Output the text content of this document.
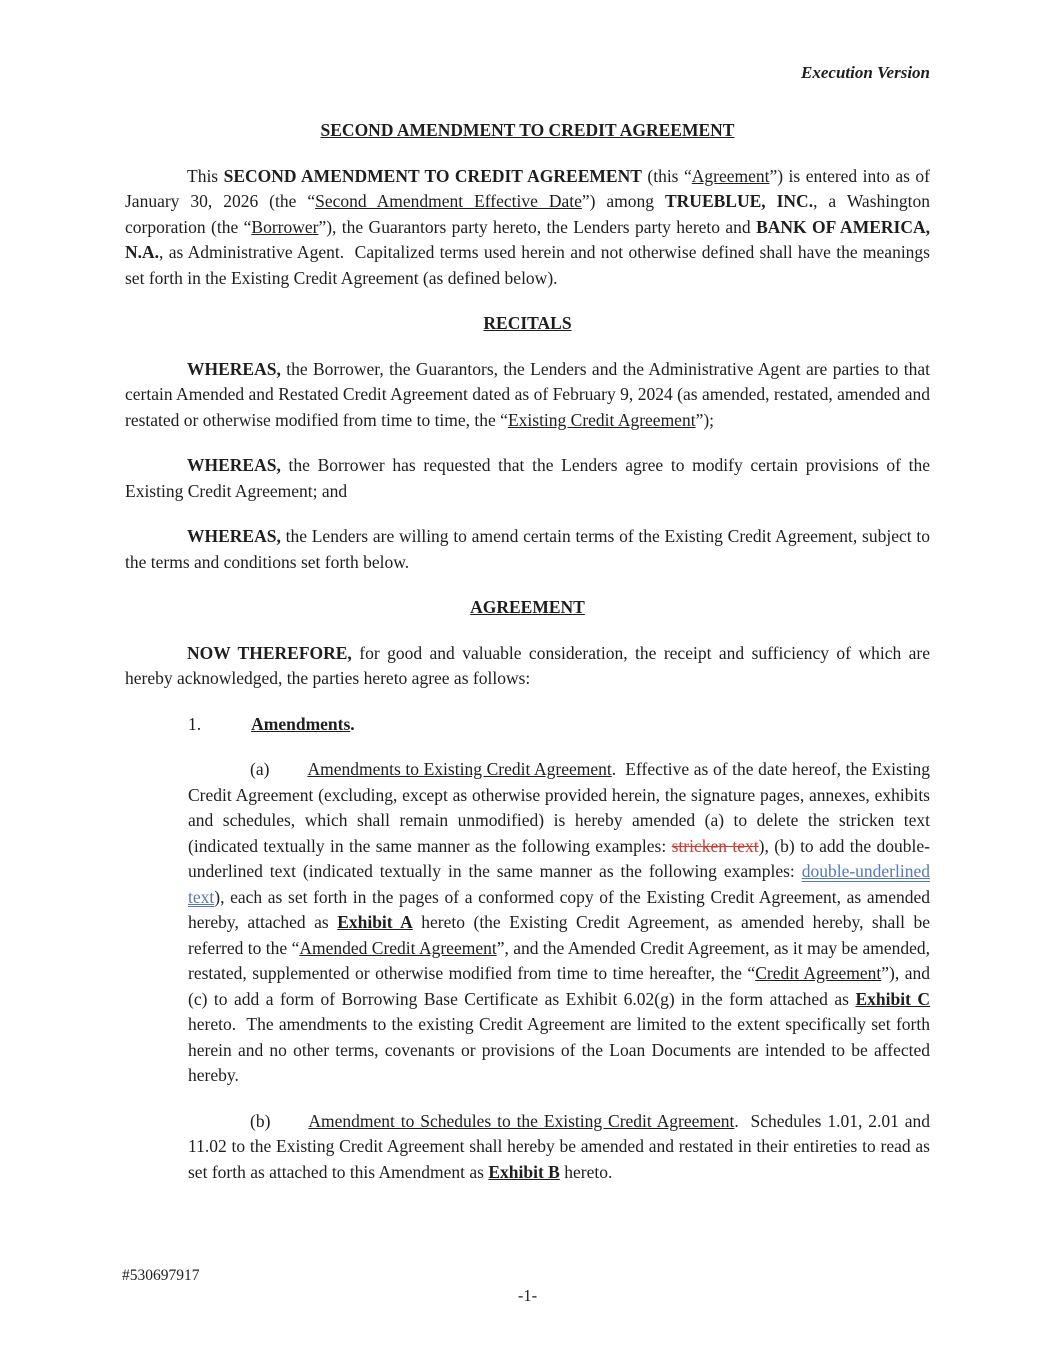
Execution Version
SECOND AMENDMENT TO CREDIT AGREEMENT

This SECOND AMENDMENT TO CREDIT AGREEMENT (this “Agreement”) is entered into as of January 30, 2026 (the “Second Amendment Effective Date”) among TRUEBLUE, INC., a Washington corporation (the “Borrower”), the Guarantors party hereto, the Lenders party hereto and BANK OF AMERICA, N.A., as Administrative Agent.  Capitalized terms used herein and not otherwise defined shall have the meanings set forth in the Existing Credit Agreement (as defined below).

RECITALS

WHEREAS, the Borrower, the Guarantors, the Lenders and the Administrative Agent are parties to that certain Amended and Restated Credit Agreement dated as of February 9, 2024 (as amended, restated, amended and restated or otherwise modified from time to time, the “Existing Credit Agreement”);

WHEREAS, the Borrower has requested that the Lenders agree to modify certain provisions of the Existing Credit Agreement; and

WHEREAS, the Lenders are willing to amend certain terms of the Existing Credit Agreement, subject to the terms and conditions set forth below.

AGREEMENT

NOW THEREFORE, for good and valuable consideration, the receipt and sufficiency of which are hereby acknowledged, the parties hereto agree as follows:

1.	Amendments.

(a) Amendments to Existing Credit Agreement.  Effective as of the date hereof, the Existing Credit Agreement (excluding, except as otherwise provided herein, the signature pages, annexes, exhibits and schedules, which shall remain unmodified) is hereby amended (a) to delete the stricken text (indicated textually in the same manner as the following examples: stricken text), (b) to add the double-underlined text (indicated textually in the same manner as the following examples: double-underlined text), each as set forth in the pages of a conformed copy of the Existing Credit Agreement, as amended hereby, attached as Exhibit A hereto (the Existing Credit Agreement, as amended hereby, shall be referred to the “Amended Credit Agreement”, and the Amended Credit Agreement, as it may be amended, restated, supplemented or otherwise modified from time to time hereafter, the “Credit Agreement”), and (c) to add a form of Borrowing Base Certificate as Exhibit 6.02(g) in the form attached as Exhibit C hereto.  The amendments to the existing Credit Agreement are limited to the extent specifically set forth herein and no other terms, covenants or provisions of the Loan Documents are intended to be affected hereby.

(b) Amendment to Schedules to the Existing Credit Agreement.  Schedules 1.01, 2.01 and 11.02 to the Existing Credit Agreement shall hereby be amended and restated in their entireties to read as set forth as attached to this Amendment as Exhibit B hereto.

#530697917
-1-
